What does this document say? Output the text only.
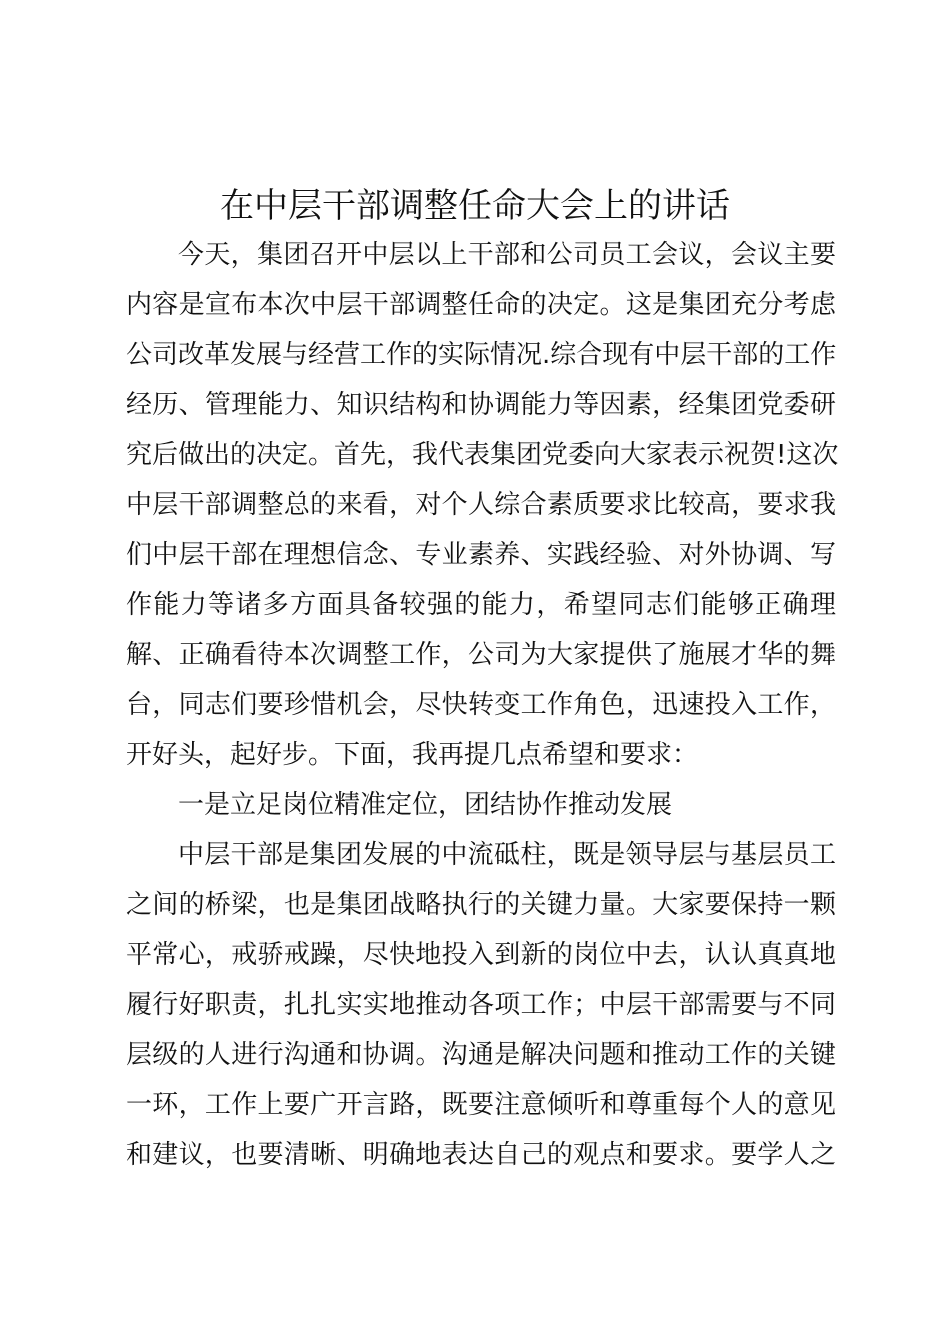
在中层干部调整任命大会上的讲话
今天，集团召开中层以上干部和公司员工会议，会议主要
内容是宣布本次中层干部调整任命的决定。这是集团充分考虑
公司改革发展与经营工作的实际情况.综合现有中层干部的工作
经历、管理能力、知识结构和协调能力等因素，经集团党委研
究后做出的决定。首先，我代表集团党委向大家表示祝贺!这次
中层干部调整总的来看，对个人综合素质要求比较高，要求我
们中层干部在理想信念、专业素养、实践经验、对外协调、写
作能力等诸多方面具备较强的能力，希望同志们能够正确理
解、正确看待本次调整工作，公司为大家提供了施展才华的舞
台，同志们要珍惜机会，尽快转变工作角色，迅速投入工作，
开好头，起好步。下面，我再提几点希望和要求：
一是立足岗位精准定位，团结协作推动发展
中层干部是集团发展的中流砥柱，既是领导层与基层员工
之间的桥梁，也是集团战略执行的关键力量。大家要保持一颗
平常心，戒骄戒躁，尽快地投入到新的岗位中去，认认真真地
履行好职责，扎扎实实地推动各项工作；中层干部需要与不同
层级的人进行沟通和协调。沟通是解决问题和推动工作的关键
一环，工作上要广开言路，既要注意倾听和尊重每个人的意见
和建议，也要清晰、明确地表达自己的观点和要求。要学人之
